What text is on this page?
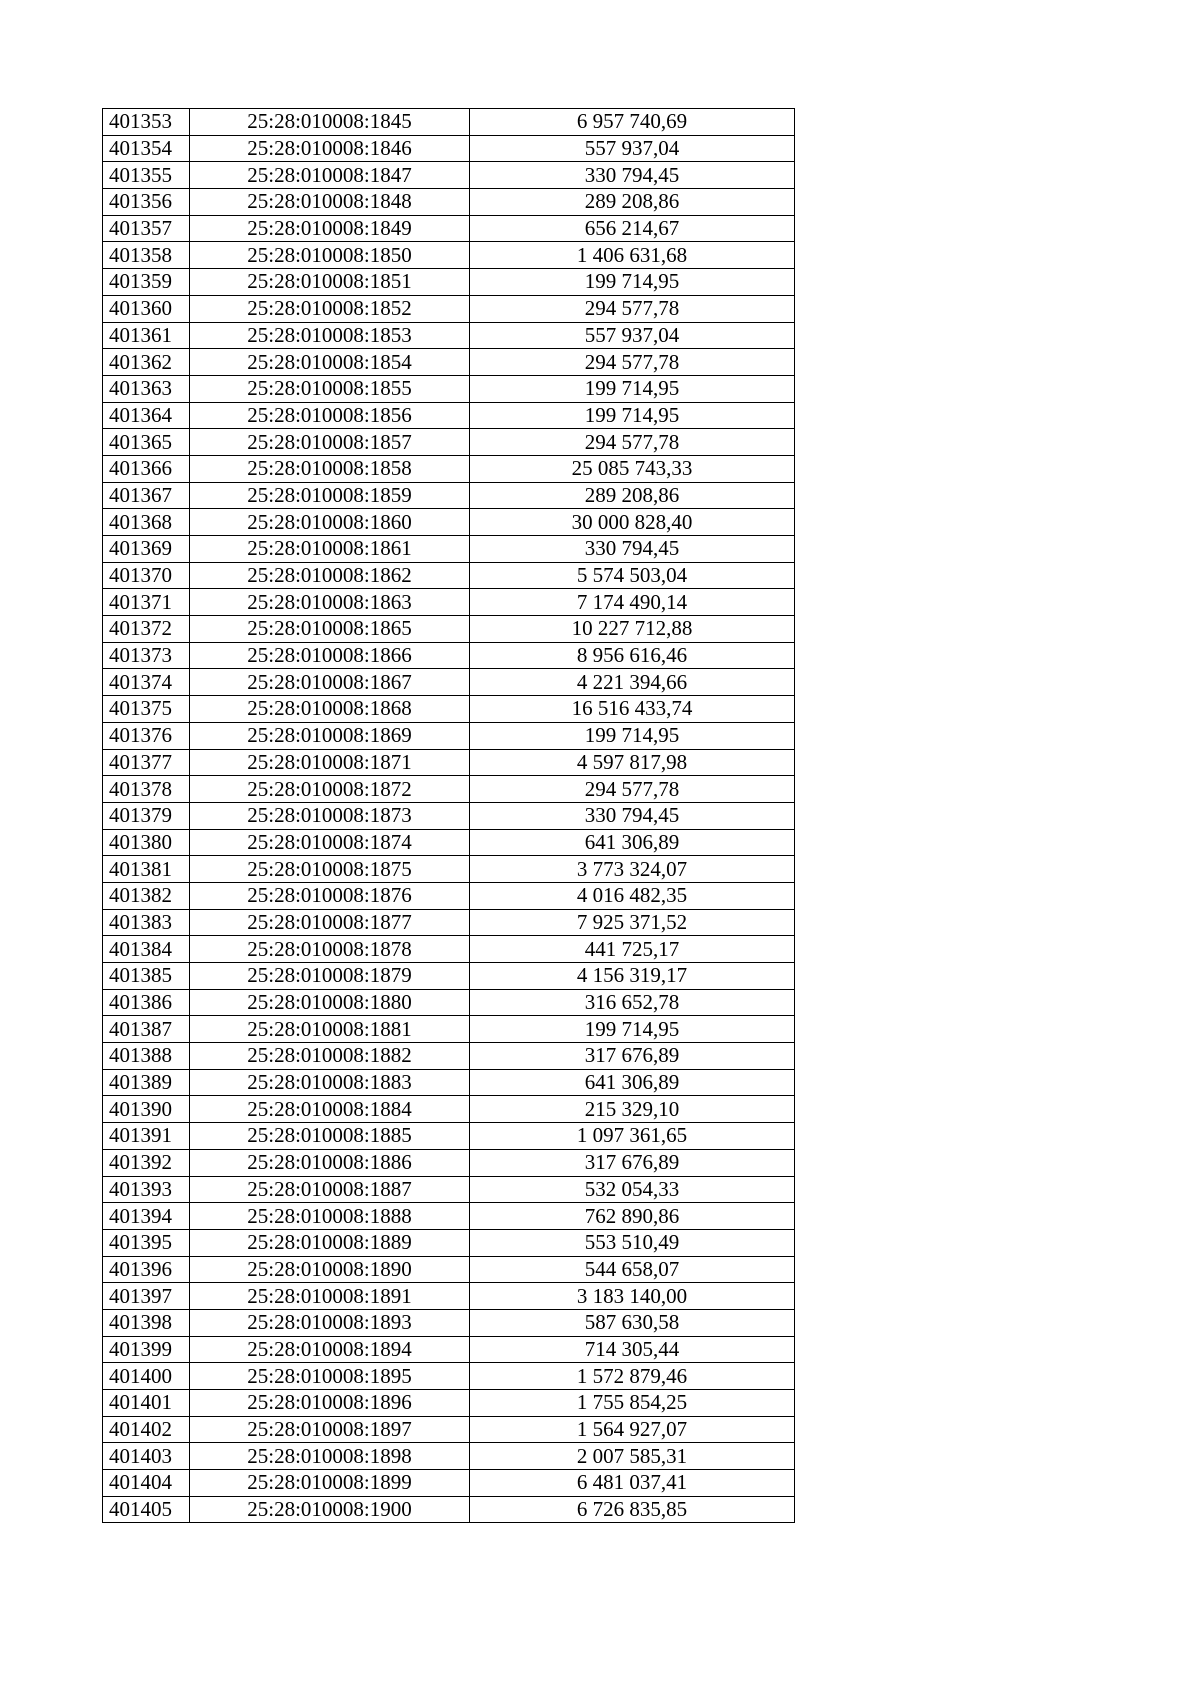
401353	25:28:010008:1845	6 957 740,69
401354	25:28:010008:1846	557 937,04
401355	25:28:010008:1847	330 794,45
401356	25:28:010008:1848	289 208,86
401357	25:28:010008:1849	656 214,67
401358	25:28:010008:1850	1 406 631,68
401359	25:28:010008:1851	199 714,95
401360	25:28:010008:1852	294 577,78
401361	25:28:010008:1853	557 937,04
401362	25:28:010008:1854	294 577,78
401363	25:28:010008:1855	199 714,95
401364	25:28:010008:1856	199 714,95
401365	25:28:010008:1857	294 577,78
401366	25:28:010008:1858	25 085 743,33
401367	25:28:010008:1859	289 208,86
401368	25:28:010008:1860	30 000 828,40
401369	25:28:010008:1861	330 794,45
401370	25:28:010008:1862	5 574 503,04
401371	25:28:010008:1863	7 174 490,14
401372	25:28:010008:1865	10 227 712,88
401373	25:28:010008:1866	8 956 616,46
401374	25:28:010008:1867	4 221 394,66
401375	25:28:010008:1868	16 516 433,74
401376	25:28:010008:1869	199 714,95
401377	25:28:010008:1871	4 597 817,98
401378	25:28:010008:1872	294 577,78
401379	25:28:010008:1873	330 794,45
401380	25:28:010008:1874	641 306,89
401381	25:28:010008:1875	3 773 324,07
401382	25:28:010008:1876	4 016 482,35
401383	25:28:010008:1877	7 925 371,52
401384	25:28:010008:1878	441 725,17
401385	25:28:010008:1879	4 156 319,17
401386	25:28:010008:1880	316 652,78
401387	25:28:010008:1881	199 714,95
401388	25:28:010008:1882	317 676,89
401389	25:28:010008:1883	641 306,89
401390	25:28:010008:1884	215 329,10
401391	25:28:010008:1885	1 097 361,65
401392	25:28:010008:1886	317 676,89
401393	25:28:010008:1887	532 054,33
401394	25:28:010008:1888	762 890,86
401395	25:28:010008:1889	553 510,49
401396	25:28:010008:1890	544 658,07
401397	25:28:010008:1891	3 183 140,00
401398	25:28:010008:1893	587 630,58
401399	25:28:010008:1894	714 305,44
401400	25:28:010008:1895	1 572 879,46
401401	25:28:010008:1896	1 755 854,25
401402	25:28:010008:1897	1 564 927,07
401403	25:28:010008:1898	2 007 585,31
401404	25:28:010008:1899	6 481 037,41
401405	25:28:010008:1900	6 726 835,85
